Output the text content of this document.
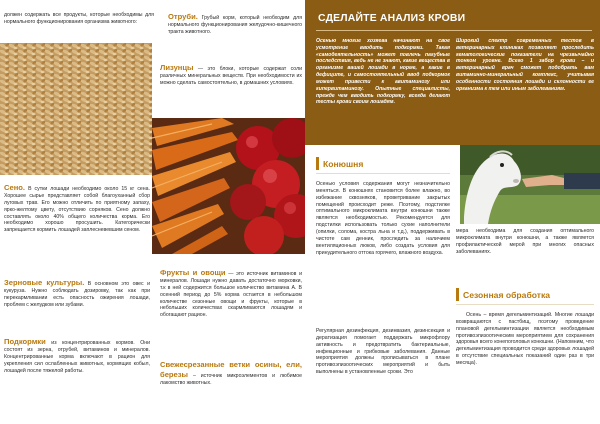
должен содержать все продукты, которые необходимы для нормального функционирования организма животного:
Сено. В сутки лошади необходимо около 15 кг сена. Хорошее сырье представляет собой благоуханный сбор луговых трав. Его можно отличить по приятному запаху, ярко-желтому цвету, отсутствию сорняков. Сено должно составлять около 40% общего количества корма. Его необходимо хорошо просушить. Категорически запрещается кормить лошадей заплесневевшим сеном.
Зерновые культуры. В основном это овес и кукуруза. Нужно соблюдать дозировку, так как при перекармливании есть опасность ожирения лошади, проблем с желудком или зубами.
Подкормки из концентрированных кормов. Они состоят из зерна, отрубей, витаминов и минералов. Концентрированные корма включают в рацион для укрепления сил ослабленных животных, кормящих кобыл, лошадей после тяжелой работы.
Отруби. Грубый корм, который необходим для нормального функционирования желудочно-кишечного тракта животного.
Лизунцы — это блоки, которые содержат соли различных минеральных веществ. При необходимости их можно сделать самостоятельно, в домашних условиях.
Фрукты и овощи — это источник витаминов и минералов. Лошади нужно давать достаточно морковки, т.к в ней содержится большое количество витамина А. В осенний период до 5% корма остается в небольшом количестве сезонные овощи и фрукты, которые в небольших количествах скармливаются лошадям и обогащают рацион.
Свежесрезанные ветки осины, ели, березы – источник микроэлементов и любимое лакомство животных.
СДЕЛАЙТЕ АНАЛИЗ КРОВИ
Осенью многие хозяева начинают на свое усмотрение вводить подкормки. Такая «самодеятельность» может повлечь пагубные последствия, ведь не не знают, какие вещества в организме вашей лошади в норме, а какие в дефиците, и самостоятельный ввод подкормок может привести к авитаминозу или гипервитаминозу. Опытные специалисты, прежде чем вводить подкормку, всегда делают тесты крови своим лошадям.
Широкий спектр современных тестов в ветеринарных клиниках позволяет проследить гематологические показатели на чрезвычайно тонком уровне. Всего 1 забор крови – и ветеринарный врач сможет подобрать вам витаминно-минеральный комплекс, учитывая особенности состояния лошади и склонности ее организма к тем или иным заболеваниям.
Конюшня
Осенью условия содержания могут незначительно меняться. В конюшнях становится более влажно, во избежание сквозняков, проветривание закрытых помещений происходит реже. Поэтому, подстилке оптимального микроклимата внутри конюшни также является необходимостью. Рекомендуется для подстилки использовать только сухие наполнители (опилки, солома, костра льна и т.д.), поддерживать в чистоте сам денник, проследить за наличием вентиляционных люков, либо создать условия для принудительного оттока горячего, влажного воздуха.
Регулярная дезинфекция, дезинвазия, дезинсекция и дератизация помогает поддержать микрофлору активность и предотвратить бактериальные, инфекционные и грибковые заболевания. Данные мероприятия должны прописываться в плане противоэпизоотических мероприятий и быть выполнены в установленные сроки. Это
мера необходима для создания оптимального микроклимата внутри конюшни, а также является профилактической мерой при многих опасных заболеваниях.
Сезонная обработка
Осень – время дегельминтизаций. Многие лошади возвращаются с пастбищ, поэтому проведение плановой дегельминтизации является необходимым противоэпизоотическим мероприятием для сохранения здоровья всего конепоголовья конюшни. (Напомним, что дегельминтизация проводится среди здоровых лошадей в отсутствие специальных показаний один раз в три месяца).
